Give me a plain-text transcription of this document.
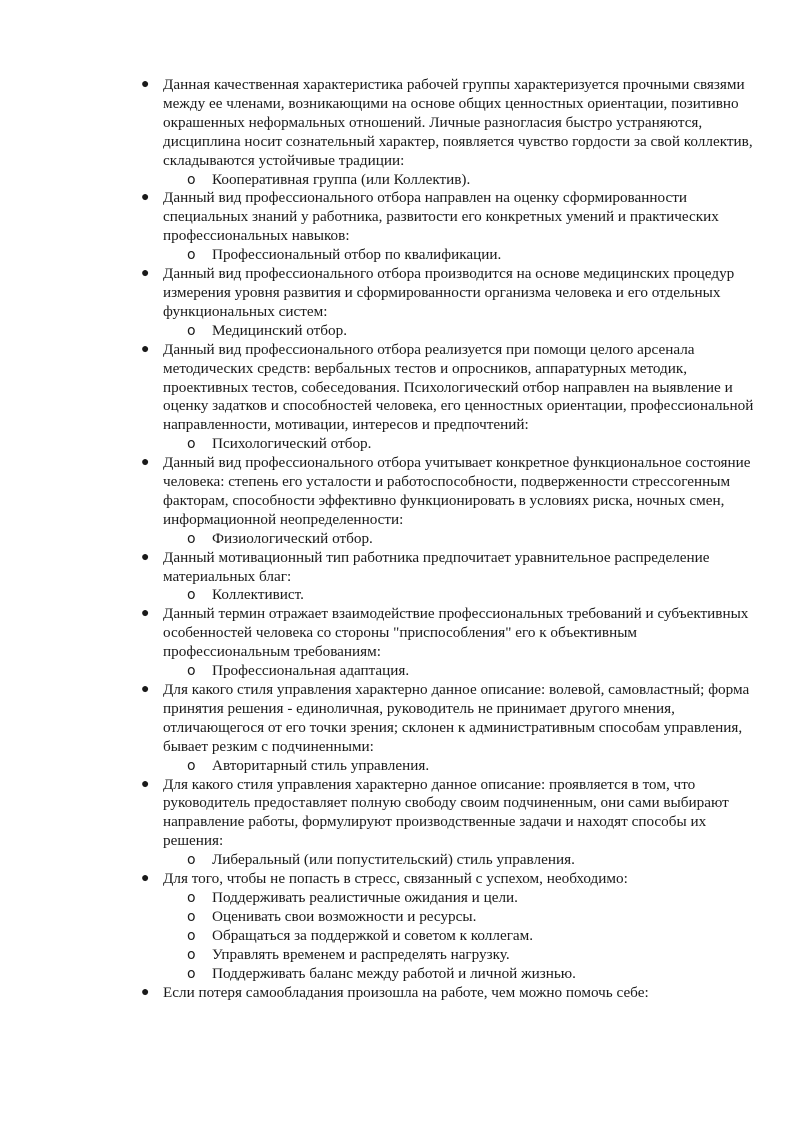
● Данная качественная характеристика рабочей группы характеризуется прочными связями между ее членами, возникающими на основе общих ценностных ориентации, позитивно окрашенных неформальных отношений. Личные разногласия быстро устраняются, дисциплина носит сознательный характер, появляется чувство гордости за свой коллектив, складываются устойчивые традиции:
o Кооперативная группа (или Коллектив).
● Данный вид профессионального отбора направлен на оценку сформированности специальных знаний у работника, развитости его конкретных умений и практических профессиональных навыков:
o Профессиональный отбор по квалификации.
● Данный вид профессионального отбора производится на основе медицинских процедур измерения уровня развития и сформированности организма человека и его отдельных функциональных систем:
o Медицинский отбор.
● Данный вид профессионального отбора реализуется при помощи целого арсенала методических средств: вербальных тестов и опросников, аппаратурных методик, проективных тестов, собеседования. Психологический отбор направлен на выявление и оценку задатков и способностей человека, его ценностных ориентации, профессиональной направленности, мотивации, интересов и предпочтений:
o Психологический отбор.
● Данный вид профессионального отбора учитывает конкретное функциональное состояние человека: степень его усталости и работоспособности, подверженности стрессогенным факторам, способности эффективно функционировать в условиях риска, ночных смен, информационной неопределенности:
o Физиологический отбор.
● Данный мотивационный тип работника предпочитает уравнительное распределение материальных благ:
o Коллективист.
● Данный термин отражает взаимодействие профессиональных требований и субъективных особенностей человека со стороны "приспособления" его к объективным профессиональным требованиям:
o Профессиональная адаптация.
● Для какого стиля управления характерно данное описание: волевой, самовластный; форма принятия решения - единоличная, руководитель не принимает другого мнения, отличающегося от его точки зрения; склонен к административным способам управления, бывает резким с подчиненными:
o Авторитарный стиль управления.
● Для какого стиля управления характерно данное описание: проявляется в том, что руководитель предоставляет полную свободу своим подчиненным, они сами выбирают направление работы, формулируют производственные задачи и находят способы их решения:
o Либеральный (или попустительский) стиль управления.
● Для того, чтобы не попасть в стресс, связанный с успехом, необходимо:
o Поддерживать реалистичные ожидания и цели.
o Оценивать свои возможности и ресурсы.
o Обращаться за поддержкой и советом к коллегам.
o Управлять временем и распределять нагрузку.
o Поддерживать баланс между работой и личной жизнью.
● Если потеря самообладания произошла на работе, чем можно помочь себе:
